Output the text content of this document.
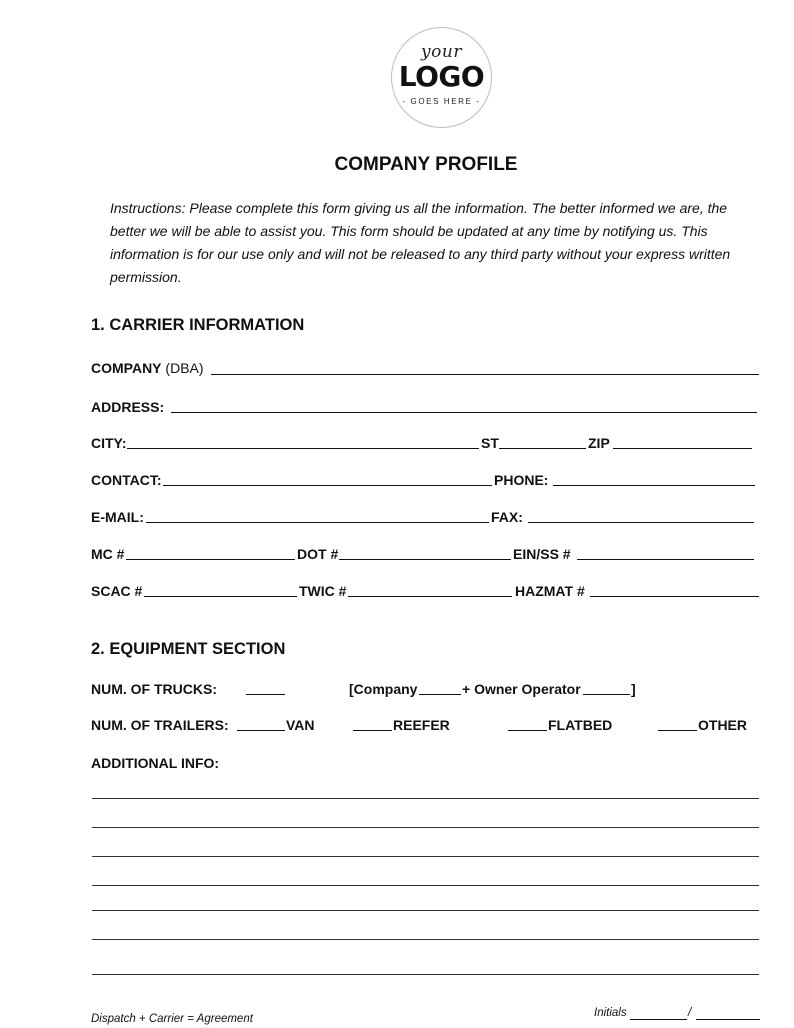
your
LOGO
- GOES HERE -
COMPANY PROFILE
Instructions: Please complete this form giving us all the information. The better informed we are, the better we will be able to assist you. This form should be updated at any time by notifying us. This information is for our use only and will not be released to any third party without your express written permission.
1. CARRIER INFORMATION
COMPANY (DBA)
ADDRESS:
CITY:	ST	ZIP
CONTACT:	PHONE:
E-MAIL:	FAX:
MC #	DOT #	EIN/SS #
SCAC #	TWIC #	HAZMAT #
2. EQUIPMENT SECTION
NUM. OF TRUCKS:	[Company	+ Owner Operator	]
NUM. OF TRAILERS:	VAN	REEFER	FLATBED	OTHER
ADDITIONAL INFO:
Dispatch + Carrier = Agreement	Initials	/
